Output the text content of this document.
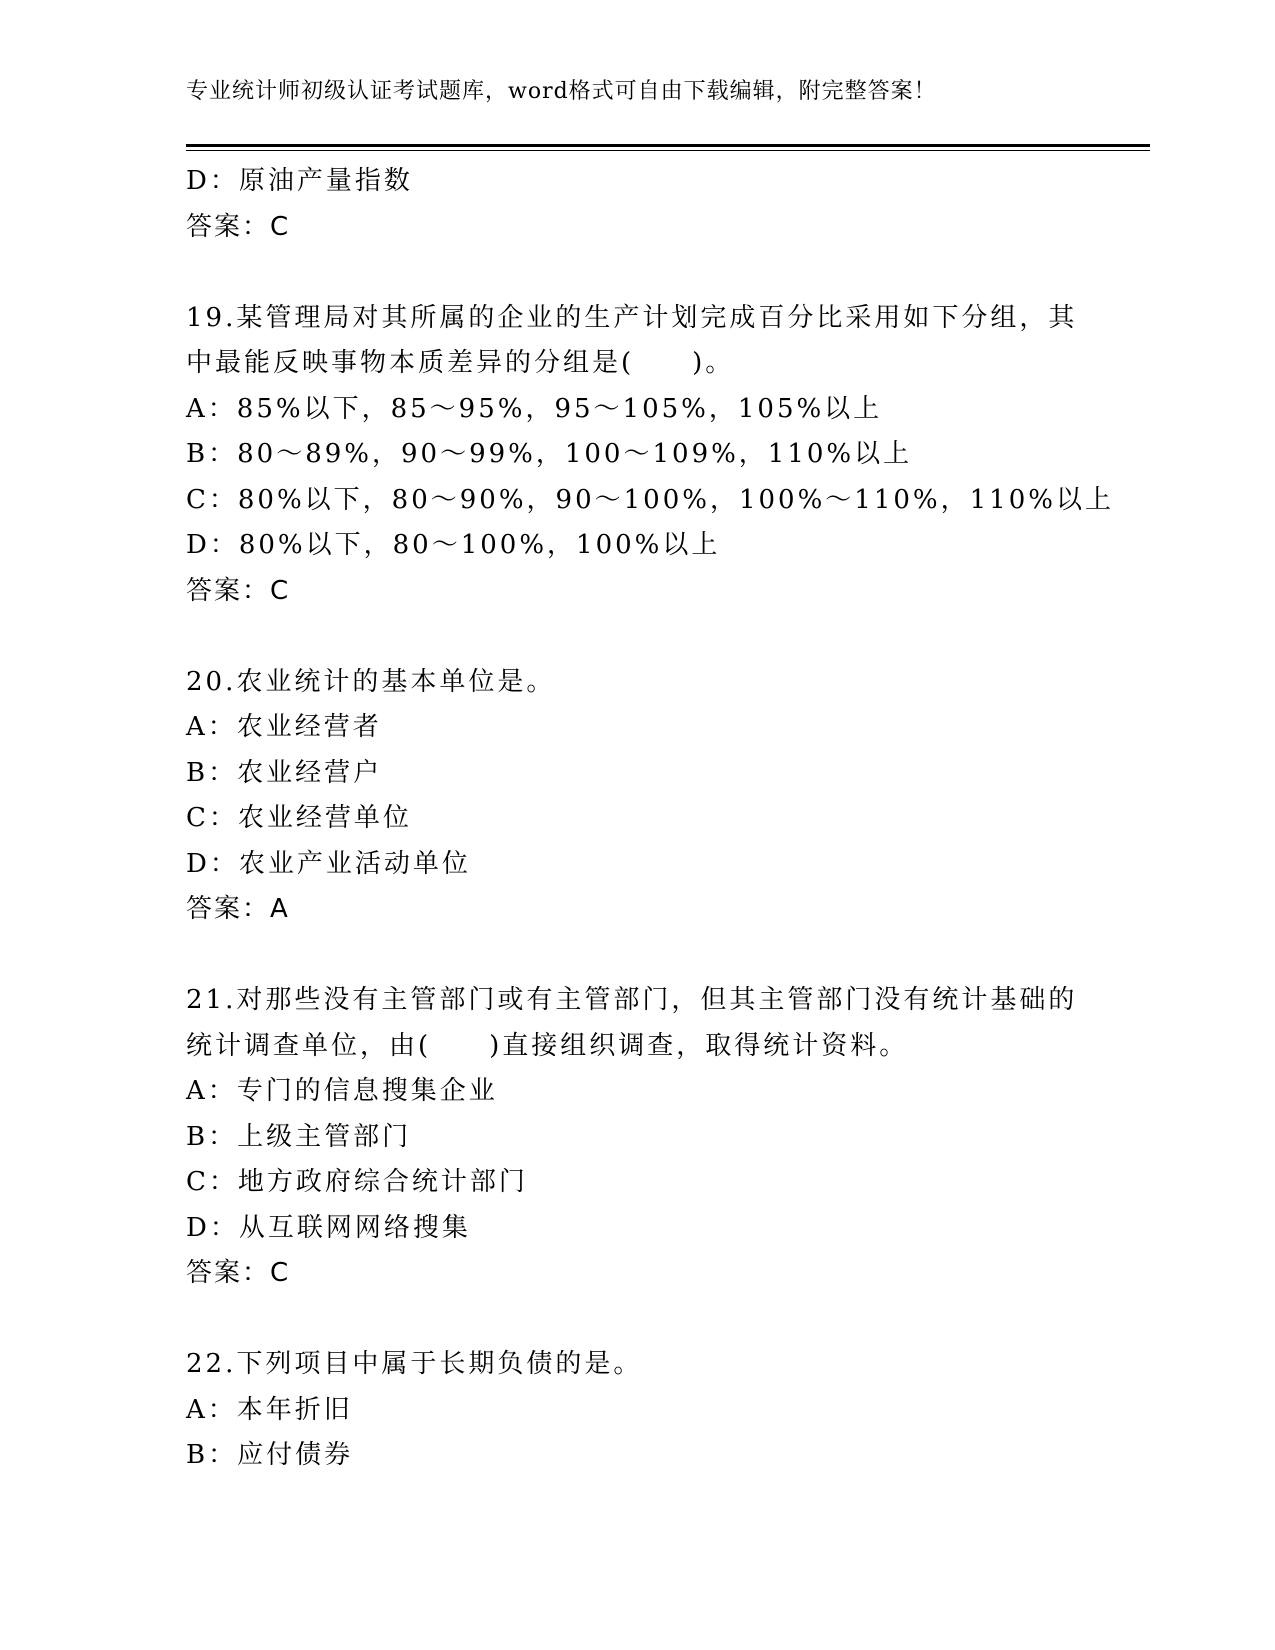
专业统计师初级认证考试题库，word格式可自由下载编辑，附完整答案！
D：原油产量指数
答案：C
19.某管理局对其所属的企业的生产计划完成百分比采用如下分组，其
中最能反映事物本质差异的分组是(　　)。
A：85%以下，85～95%，95～105%，105%以上
B：80～89%，90～99%，100～109%，110%以上
C：80%以下，80～90%，90～100%，100%～110%，110%以上
D：80%以下，80～100%，100%以上
答案：C
20.农业统计的基本单位是。
A：农业经营者
B：农业经营户
C：农业经营单位
D：农业产业活动单位
答案：A
21.对那些没有主管部门或有主管部门，但其主管部门没有统计基础的
统计调查单位，由(　　)直接组织调查，取得统计资料。
A：专门的信息搜集企业
B：上级主管部门
C：地方政府综合统计部门
D：从互联网网络搜集
答案：C
22.下列项目中属于长期负债的是。
A：本年折旧
B：应付债券
